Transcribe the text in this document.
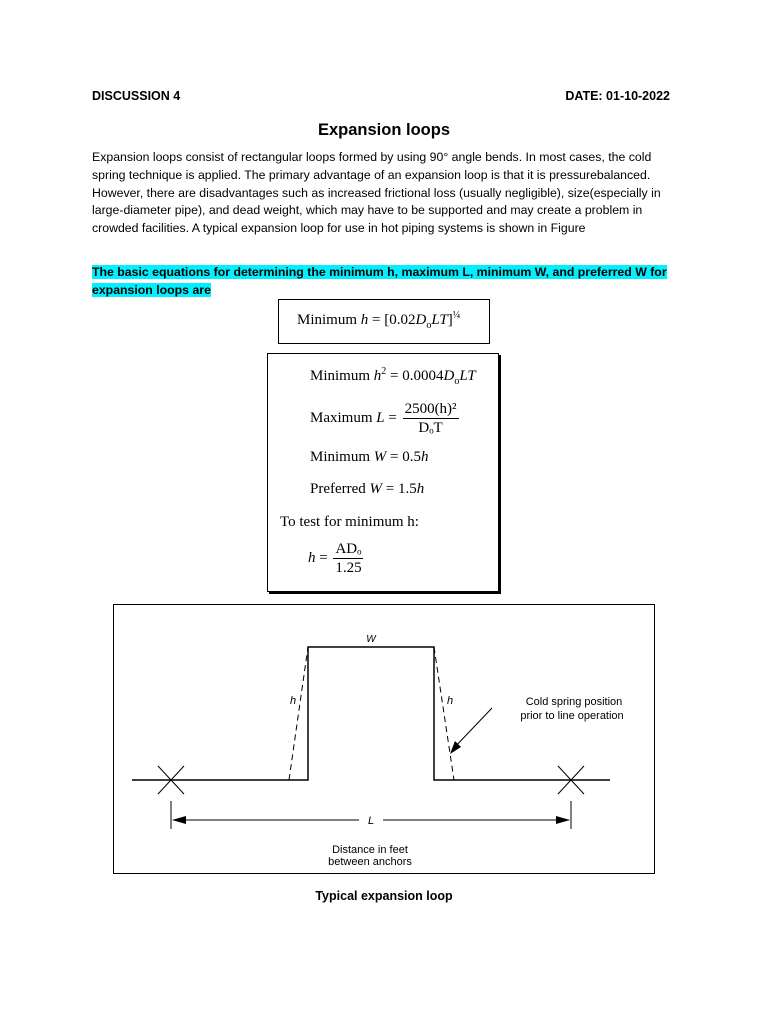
DISCUSSION 4	DATE: 01-10-2022
Expansion loops
Expansion loops consist of rectangular loops formed by using 90° angle bends. In most cases, the cold spring technique is applied. The primary advantage of an expansion loop is that it is pressurebalanced. However, there are disadvantages such as increased frictional loss (usually negligible), size(especially in large-diameter pipe), and dead weight, which may have to be supported and may create a problem in crowded facilities. A typical expansion loop for use in hot piping systems is shown in Figure
The basic equations for determining the minimum h, maximum L, minimum W, and preferred W for expansion loops are
Minimum $h = [0.02D_oLT]^{\frac{1}{4}}$
Minimum $h^2 = 0.0004D_oLT$
Maximum $L = \frac{\text{2500(h)²}}{\text{DₒT}}$
Minimum W = 0.5h
Preferred W = 1.5h
To test for minimum h:
$h = \frac{\text{ADₒ}}{1.25}$
W
h	h
L
Cold spring position
prior to line operation
Distance in feet
between anchors
Typical expansion loop
